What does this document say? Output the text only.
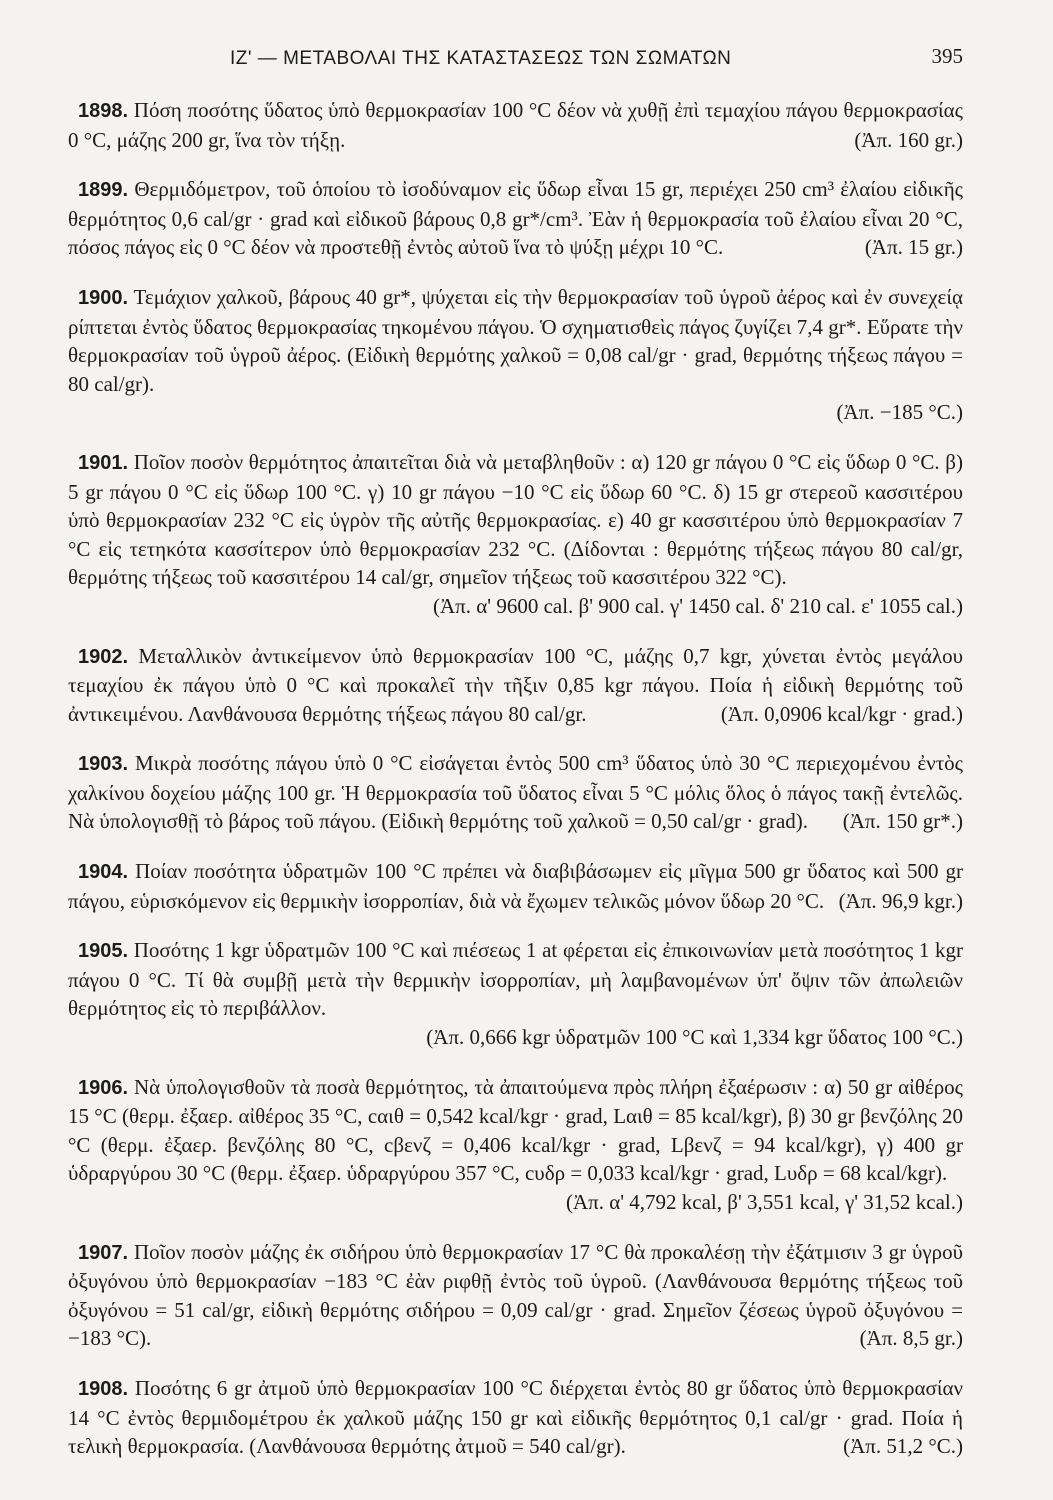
ΙΖ' — ΜΕΤΑΒΟΛΑΙ ΤΗΣ ΚΑΤΑΣΤΑΣΕΩΣ ΤΩΝ ΣΩΜΑΤΩΝ	395

1898. Πόση ποσότης ὕδατος ὑπὸ θερμοκρασίαν 100 °C δέον νὰ χυθῇ ἐπὶ τεμαχίου πάγου θερμοκρασίας 0 °C, μάζης 200 gr, ἵνα τὸν τήξῃ.	(Ἀπ. 160 gr.)

1899. Θερμιδόμετρον, τοῦ ὁποίου τὸ ἰσοδύναμον εἰς ὕδωρ εἶναι 15 gr, περιέχει 250 cm³ ἐλαίου εἰδικῆς θερμότητος 0,6 cal/gr · grad καὶ εἰδικοῦ βάρους 0,8 gr*/cm³. Ἐὰν ἡ θερμοκρασία τοῦ ἐλαίου εἶναι 20 °C, πόσος πάγος εἰς 0 °C δέον νὰ προστεθῇ ἐντὸς αὐτοῦ ἵνα τὸ ψύξῃ μέχρι 10 °C.	(Ἀπ. 15 gr.)

1900. Τεμάχιον χαλκοῦ, βάρους 40 gr*, ψύχεται εἰς τὴν θερμοκρασίαν τοῦ ὑγροῦ ἀέρος καὶ ἐν συνεχείᾳ ρίπτεται ἐντὸς ὕδατος θερμοκρασίας τηκομένου πάγου. Ὁ σχηματισθεὶς πάγος ζυγίζει 7,4 gr*. Εὕρατε τὴν θερμοκρασίαν τοῦ ὑγροῦ ἀέρος. (Εἰδικὴ θερμότης χαλκοῦ = 0,08 cal/gr · grad, θερμότης τήξεως πάγου = 80 cal/gr).

(Ἀπ. −185 °C.)

1901. Ποῖον ποσὸν θερμότητος ἀπαιτεῖται διὰ νὰ μεταβληθοῦν : α) 120 gr πάγου 0 °C εἰς ὕδωρ 0 °C. β) 5 gr πάγου 0 °C εἰς ὕδωρ 100 °C. γ) 10 gr πάγου −10 °C εἰς ὕδωρ 60 °C. δ) 15 gr στερεοῦ κασσιτέρου ὑπὸ θερμοκρασίαν 232 °C εἰς ὑγρὸν τῆς αὐτῆς θερμοκρασίας. ε) 40 gr κασσιτέρου ὑπὸ θερμοκρασίαν 7 °C εἰς τετηκότα κασσίτερον ὑπὸ θερμοκρασίαν 232 °C. (Δίδονται : θερμότης τήξεως πάγου 80 cal/gr, θερμότης τήξεως τοῦ κασσιτέρου 14 cal/gr, σημεῖον τήξεως τοῦ κασσιτέρου 322 °C).

(Ἀπ. α' 9600 cal. β' 900 cal. γ' 1450 cal. δ' 210 cal. ε' 1055 cal.)

1902. Μεταλλικὸν ἀντικείμενον ὑπὸ θερμοκρασίαν 100 °C, μάζης 0,7 kgr, χύνεται ἐντὸς μεγάλου τεμαχίου ἐκ πάγου ὑπὸ 0 °C καὶ προκαλεῖ τὴν τῆξιν 0,85 kgr πάγου. Ποία ἡ εἰδικὴ θερμότης τοῦ ἀντικειμένου. Λανθάνουσα θερμότης τήξεως πάγου 80 cal/gr.	(Ἀπ. 0,0906 kcal/kgr · grad.)

1903. Μικρὰ ποσότης πάγου ὑπὸ 0 °C εἰσάγεται ἐντὸς 500 cm³ ὕδατος ὑπὸ 30 °C περιεχομένου ἐντὸς χαλκίνου δοχείου μάζης 100 gr. Ἡ θερμοκρασία τοῦ ὕδατος εἶναι 5 °C μόλις ὅλος ὁ πάγος τακῇ ἐντελῶς. Νὰ ὑπολογισθῇ τὸ βάρος τοῦ πάγου. (Εἰδικὴ θερμότης τοῦ χαλκοῦ = 0,50 cal/gr · grad). (Ἀπ. 150 gr*.)

1904. Ποίαν ποσότητα ὑδρατμῶν 100 °C πρέπει νὰ διαβιβάσωμεν εἰς μῖγμα 500 gr ὕδατος καὶ 500 gr πάγου, εὑρισκόμενον εἰς θερμικὴν ἰσορροπίαν, διὰ νὰ ἔχωμεν τελικῶς μόνον ὕδωρ 20 °C. (Ἀπ. 96,9 kgr.)

1905. Ποσότης 1 kgr ὑδρατμῶν 100 °C καὶ πιέσεως 1 at φέρεται εἰς ἐπικοινωνίαν μετὰ ποσότητος 1 kgr πάγου 0 °C. Τί θὰ συμβῇ μετὰ τὴν θερμικὴν ἰσορροπίαν, μὴ λαμβανομένων ὑπ' ὄψιν τῶν ἀπωλειῶν θερμότητος εἰς τὸ περιβάλλον.

(Ἀπ. 0,666 kgr ὑδρατμῶν 100 °C καὶ 1,334 kgr ὕδατος 100 °C.)

1906. Νὰ ὑπολογισθοῦν τὰ ποσὰ θερμότητος, τὰ ἀπαιτούμενα πρὸς πλήρη ἐξαέρωσιν : α) 50 gr αἰθέρος 15 °C (θερμ. ἐξαερ. αἰθέρος 35 °C, cαιθ = 0,542 kcal/kgr · grad, Lαιθ = 85 kcal/kgr), β) 30 gr βενζόλης 20 °C (θερμ. ἐξαερ. βενζόλης 80 °C, cβενζ = 0,406 kcal/kgr · grad, Lβενζ = 94 kcal/kgr), γ) 400 gr ὑδραργύρου 30 °C (θερμ. ἐξαερ. ὑδραργύρου 357 °C, cυδρ = 0,033 kcal/kgr · grad, Lυδρ = 68 kcal/kgr).

(Ἀπ. α' 4,792 kcal, β' 3,551 kcal, γ' 31,52 kcal.)

1907. Ποῖον ποσὸν μάζης ἐκ σιδήρου ὑπὸ θερμοκρασίαν 17 °C θὰ προκαλέσῃ τὴν ἐξάτμισιν 3 gr ὑγροῦ ὀξυγόνου ὑπὸ θερμοκρασίαν −183 °C ἐὰν ριφθῇ ἐντὸς τοῦ ὑγροῦ. (Λανθάνουσα θερμότης τήξεως τοῦ ὀξυγόνου = 51 cal/gr, εἰδικὴ θερμότης σιδήρου = 0,09 cal/gr · grad. Σημεῖον ζέσεως ὑγροῦ ὀξυγόνου = −183 °C).	(Ἀπ. 8,5 gr.)

1908. Ποσότης 6 gr ἀτμοῦ ὑπὸ θερμοκρασίαν 100 °C διέρχεται ἐντὸς 80 gr ὕδατος ὑπὸ θερμοκρασίαν 14 °C ἐντὸς θερμιδομέτρου ἐκ χαλκοῦ μάζης 150 gr καὶ εἰδικῆς θερμότητος 0,1 cal/gr · grad. Ποία ἡ τελικὴ θερμοκρασία. (Λανθάνουσα θερμότης ἀτμοῦ = 540 cal/gr).	(Ἀπ. 51,2 °C.)
